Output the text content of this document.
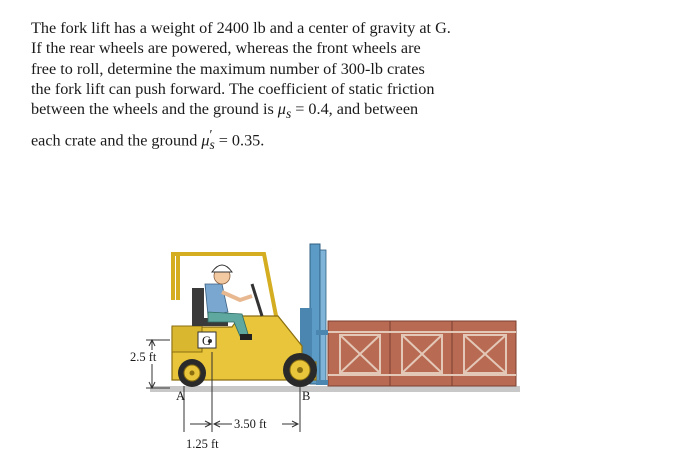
The fork lift has a weight of 2400 lb and a center of gravity at G.
If the rear wheels are powered, whereas the front wheels are
free to roll, determine the maximum number of 300-lb crates
the fork lift can push forward. The coefficient of static friction
between the wheels and the ground is $\mu_s = 0.4$, and between
each crate and the ground $\mu'_s = 0.35$.

G
2.5 ft
A	B
3.50 ft
1.25 ft
